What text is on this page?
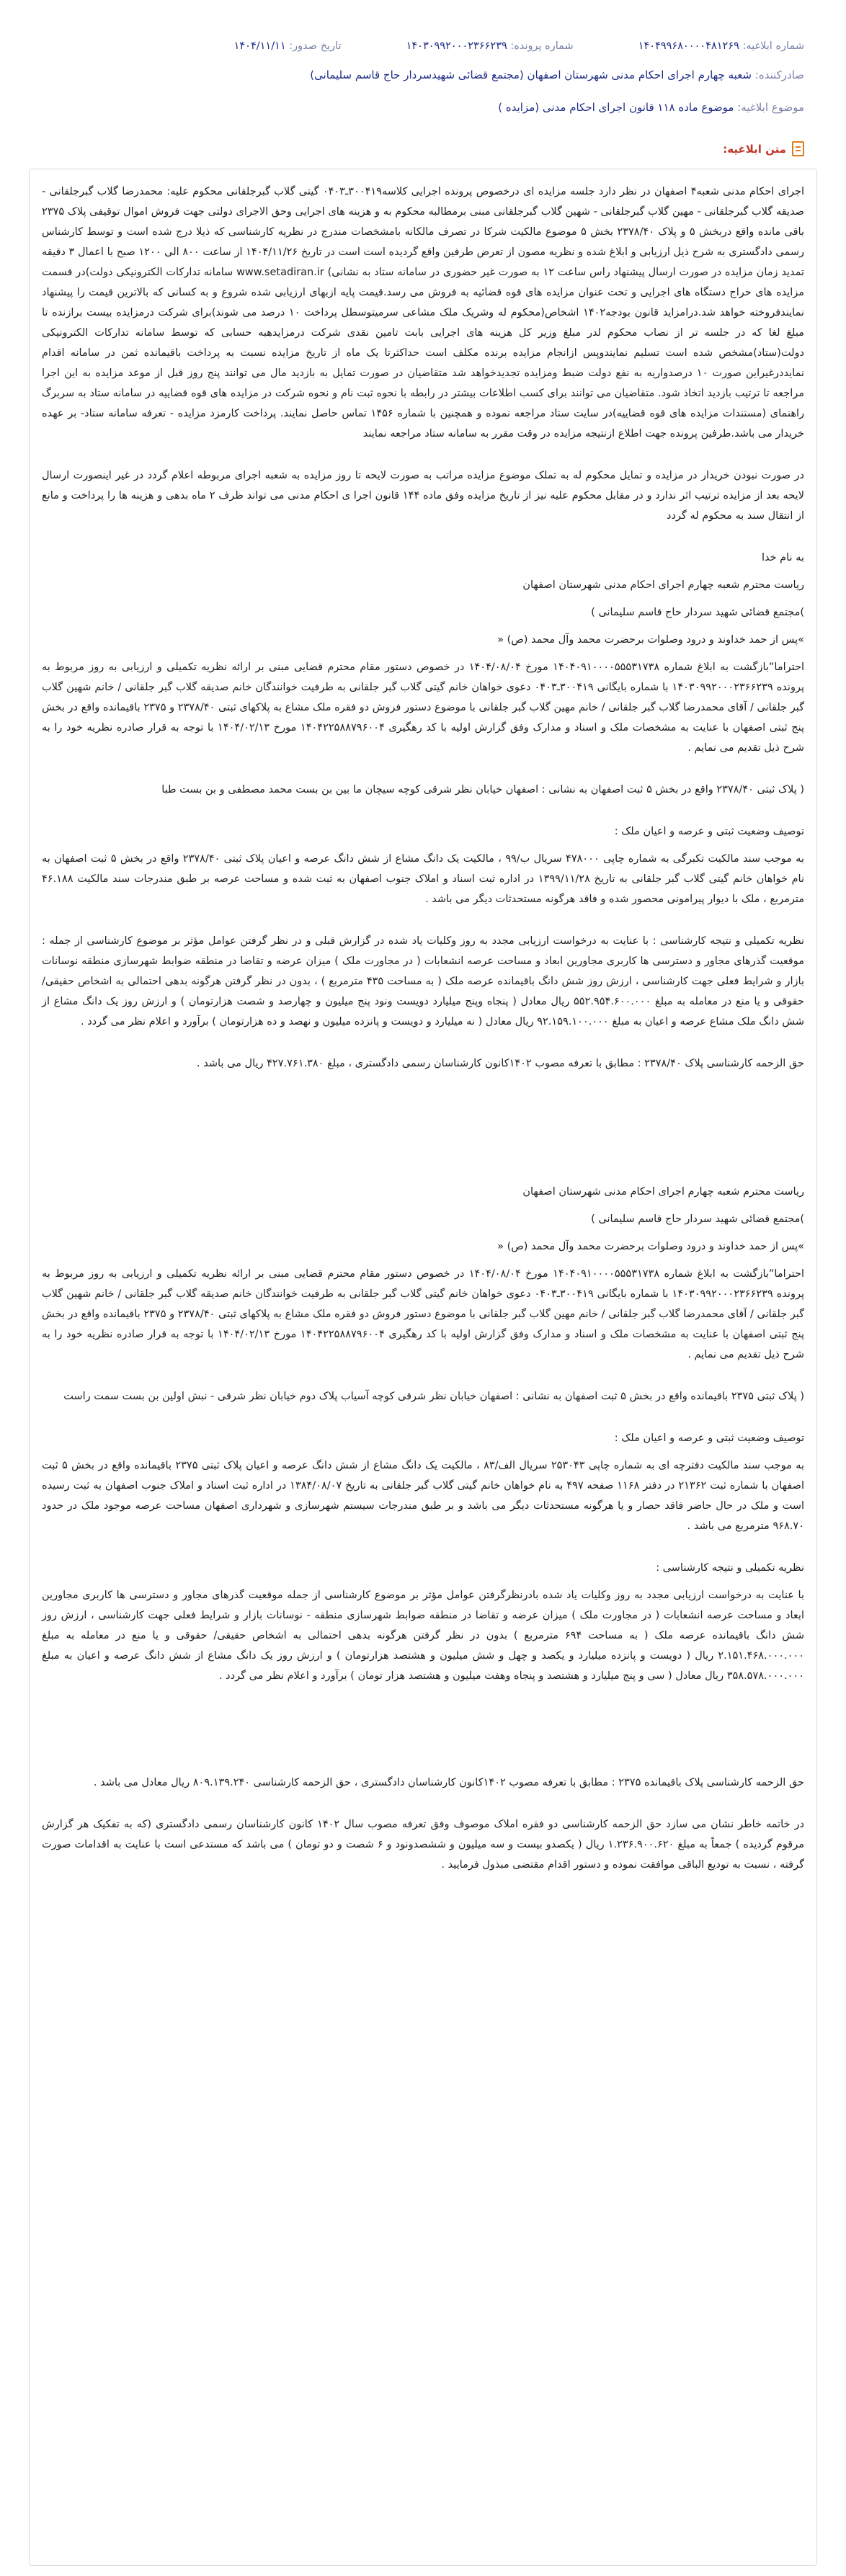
شماره ابلاغیه: ۱۴۰۴۹۹۶۸۰۰۰۰۴۸۱۲۶۹
شماره پرونده: ۱۴۰۳۰۹۹۲۰۰۰۲۳۶۶۲۳۹
تاریخ صدور: ۱۴۰۴/۱۱/۱۱
صادرکننده: شعبه چهارم اجرای احکام مدنی شهرستان اصفهان (مجتمع قضائی شهیدسردار حاج قاسم سلیمانی)
موضوع ابلاغیه: موضوع ماده ۱۱۸ قانون اجرای احکام مدنی (مزایده )
متن ابلاغیه:

اجرای احکام مدنی شعبه۴ اصفهان در نظر دارد جلسه مزایده ای درخصوص پرونده اجرایی کلاسه۳۰۰۴۱۹ـ۰۴۰۳ گیتی گلاب گبرجلقانی محکوم علیه: محمدرضا گلاب گبرجلقانی - صدیقه گلاب گبرجلقانی - مهین گلاب گبرجلقانی - شهین گلاب گبرجلقانی مبنی برمطالبه محکوم به و هزینه های اجرایی وحق الاجرای دولتی جهت فروش اموال توقیفی پلاک ۲۳۷۵ باقی مانده واقع دربخش ۵ و پلاک ۲۳۷۸/۴۰ بخش ۵ موضوع مالکیت شرکا در تصرف مالکانه بامشخصات مندرج در نظریه کارشناسی که ذیلا درج شده است و توسط کارشناس رسمی دادگستری به شرح ذیل ارزیابی و ابلاغ شده و نظریه مصون از تعرض طرفین واقع گردیده است است در تاریخ ۱۴۰۴/۱۱/۲۶ از ساعت ۸۰۰ الی ۱۲۰۰ صبح با اعمال ۳ دقیقه تمدید زمان مزایده در صورت ارسال پیشنهاد راس ساعت ۱۲ به صورت غیر حضوری در سامانه ستاد به نشانی) www.setadiran.ir سامانه تدارکات الکترونیکی دولت)در قسمت مزایده های حراج دستگاه های اجرایی و تحت عنوان مزایده های قوه قضائیه به فروش می رسد.قیمت پایه ازبهای ارزیابی شده شروع و به کسانی که بالاترین قیمت را پیشنهاد نمایندفروخته خواهد شد.درامزاید قانون بودجه۱۴۰۲ اشخاص(محکوم له وشریک ملک مشاعی سرمیتوسطل پرداخت ۱۰ درصد می شوند)برای شرکت درمزایده بیست برازنده تا مبلغ لغا که در جلسه تر از نصاب محکوم لدر مبلغ وزیر کل هزینه های اجرایی بابت تامین نقدی شرکت درمزایدهبه حسابی که توسط سامانه تدارکات الکترونیکی دولت(ستاد)مشخص شده است تسلیم نمایندوپس ازانجام مزایده برنده مکلف است حداکثرتا یک ماه از تاریخ مزایده نسبت به پرداخت باقیمانده ثمن در سامانه اقدام نمایددرغیراین صورت ۱۰ درصدواریه به نفع دولت ضبط ومزایده تجدیدخواهد شد متقاضیان در صورت تمایل به بازدید مال می توانند پنج روز قبل از موعد مزایده به این اجرا مراجعه تا ترتیب بازدید اتخاذ شود. متقاضیان می توانند برای کسب اطلاعات بیشتر در رابطه با نحوه ثبت نام و نحوه شرکت در مزایده های قوه قضاییه در سامانه ستاد به سربرگ راهنمای (مستندات مزایده های قوه قضاییه)در سایت ستاد مراجعه نموده و همچنین با شماره ۱۴۵۶ تماس حاصل نمایند. پرداخت کارمزد مزایده - تعرفه سامانه ستاد- بر عهده خریدار می باشد.طرفین پرونده جهت اطلاع ازنتیجه مزایده در وقت مقرر به سامانه ستاد مراجعه نمایند

در صورت نبودن خریدار در مزایده و تمایل محکوم له به تملک موضوع مزایده مراتب به صورت لایحه تا روز مزایده به شعبه اجرای مربوطه اعلام گردد در غیر اینصورت ارسال لایحه بعد از مزایده ترتیب اثر ندارد و در مقابل محکوم علیه نیز از تاریخ مزایده وفق ماده ۱۴۴ قانون اجرا ی احکام مدنی می تواند ظرف ۲ ماه بدهی و هزینه ها را پرداخت و مانع از انتقال سند به محکوم له گردد

به نام خدا

ریاست محترم شعبه چهارم اجرای احکام مدنی شهرستان اصفهان

)مجتمع قضائی شهید سردار حاج قاسم سلیمانی )

»پس از حمد خداوند و درود وصلوات برحضرت محمد وآل محمد (ص) «

احتراما”بازگشت به ابلاغ شماره ۱۴۰۴۰۹۱۰۰۰۰۵۵۵۳۱۷۳۸ مورخ ۱۴۰۴/۰۸/۰۴ در خصوص دستور مقام محترم قضایی مبنی بر ارائه نظریه تکمیلی و ارزیابی به روز مربوط به پرونده ۱۴۰۳۰۹۹۲۰۰۰۲۳۶۶۲۳۹ با شماره بایگانی ۳۰۰۴۱۹ـ۰۴۰۳ دعوی خواهان خانم گیتی گلاب گبر جلقانی به طرفیت خوانندگان خانم صدیقه گلاب گبر جلقانی / خانم شهین گلاب گبر جلقانی / آقای محمدرضا گلاب گبر جلقانی / خانم مهین گلاب گبر جلقانی با موضوع دستور فروش دو فقره ملک مشاع به پلاکهای ثبتی ۲۳۷۸/۴۰ و ۲۳۷۵ باقیمانده واقع در بخش پنج ثبتی اصفهان با عنایت به مشخصات ملک و اسناد و مدارک وفق گزارش اولیه با کد رهگیری ۱۴۰۴۲۲۵۸۸۷۹۶۰۰۴ مورخ ۱۴۰۴/۰۲/۱۳ با توجه به قرار صادره نظریه خود را به شرح ذیل تقدیم می نمایم .

( پلاک ثبتی ۲۳۷۸/۴۰ واقع در بخش ۵ ثبت اصفهان به نشانی : اصفهان خیابان نظر شرقی کوچه سیچان ما بین بن بست محمد مصطفی و بن بست طبا

توصیف وضعیت ثبتی و عرصه و اعیان ملک :

به موجب سند مالکیت تکبرگی به شماره چاپی ۴۷۸۰۰۰ سریال ب/۹۹ ، مالکیت یک دانگ مشاع از شش دانگ عرصه و اعیان پلاک ثبتی ۲۳۷۸/۴۰ واقع در بخش ۵ ثبت اصفهان به نام خواهان خانم گیتی گلاب گبر جلقانی به تاریخ ۱۳۹۹/۱۱/۲۸ در اداره ثبت اسناد و املاک جنوب اصفهان به ثبت شده و مساحت عرصه بر طبق مندرجات سند مالکیت ۴۶.۱۸۸ مترمربع ، ملک با دیوار پیرامونی محصور شده و فاقد هرگونه مستحدثات دیگر می باشد .

نظریه تکمیلی و نتیجه کارشناسی : با عنایت به درخواست ارزیابی مجدد به روز وکلیات یاد شده در گزارش قبلی و در نظر گرفتن عوامل مؤثر بر موضوع کارشناسی از جمله : موقعیت گذرهای مجاور و دسترسی ها کاربری مجاورین ابعاد و مساحت عرصه انشعابات ( در مجاورت ملک ) میزان عرضه و تقاضا در منطقه ضوابط شهرسازی منطقه نوسانات بازار و شرایط فعلی جهت کارشناسی ، ارزش روز شش دانگ باقیمانده عرصه ملک ( به مساحت ۴۳۵ مترمربع ) ، بدون در نظر گرفتن هرگونه بدهی احتمالی به اشخاص حقیقی/ حقوقی و یا منع در معامله به مبلغ ۵۵۲.۹۵۴.۶۰۰.۰۰۰ ریال معادل ( پنجاه وپنج میلیارد دویست ونود پنج میلیون و چهارصد و شصت هزارتومان ) و ارزش روز یک دانگ مشاع از شش دانگ ملک مشاع عرصه و اعیان به مبلغ ۹۲.۱۵۹.۱۰۰.۰۰۰ ریال معادل ( نه میلیارد و دویست و پانزده میلیون و نهصد و ده هزارتومان ) برآورد و اعلام نظر می گردد .

حق الزحمه کارشناسی پلاک ۲۳۷۸/۴۰ : مطابق با تعرفه مصوب ۱۴۰۲کانون کارشناسان رسمی دادگستری ، مبلغ ۴۲۷.۷۶۱.۳۸۰ ریال می باشد .

ریاست محترم شعبه چهارم اجرای احکام مدنی شهرستان اصفهان

)مجتمع قضائی شهید سردار حاج قاسم سلیمانی )

»پس از حمد خداوند و درود وصلوات برحضرت محمد وآل محمد (ص) «

احتراما”بازگشت به ابلاغ شماره ۱۴۰۴۰۹۱۰۰۰۰۵۵۵۳۱۷۳۸ مورخ ۱۴۰۴/۰۸/۰۴ در خصوص دستور مقام محترم قضایی مبنی بر ارائه نظریه تکمیلی و ارزیابی به روز مربوط به پرونده ۱۴۰۳۰۹۹۲۰۰۰۲۳۶۶۲۳۹ با شماره بایگانی ۳۰۰۴۱۹ـ۰۴۰۳ دعوی خواهان خانم گیتی گلاب گبر جلقانی به طرفیت خوانندگان خانم صدیقه گلاب گبر جلقانی / خانم شهین گلاب گبر جلقانی / آقای محمدرضا گلاب گبر جلقانی / خانم مهین گلاب گبر جلقانی با موضوع دستور فروش دو فقره ملک مشاع به پلاکهای ثبتی ۲۳۷۸/۴۰ و ۲۳۷۵ باقیمانده واقع در بخش پنج ثبتی اصفهان با عنایت به مشخصات ملک و اسناد و مدارک وفق گزارش اولیه با کد رهگیری ۱۴۰۴۲۲۵۸۸۷۹۶۰۰۴ مورخ ۱۴۰۴/۰۲/۱۳ با توجه به قرار صادره نظریه خود را به شرح ذیل تقدیم می نمایم .

( پلاک ثبتی ۲۳۷۵ باقیمانده واقع در بخش ۵ ثبت اصفهان به نشانی : اصفهان خیابان نظر شرقی کوچه آسیاب پلاک دوم خیابان نظر شرقی - نبش اولین بن بست سمت راست

توصیف وضعیت ثبتی و عرصه و اعیان ملک :

به موجب سند مالکیت دفترچه ای به شماره چاپی ۲۵۳۰۴۳ سریال الف/۸۳ ، مالکیت یک دانگ مشاع از شش دانگ عرصه و اعیان پلاک ثبتی ۲۳۷۵ باقیمانده واقع در بخش ۵ ثبت اصفهان با شماره ثبت ۲۱۳۶۲ در دفتر ۱۱۶۸ صفحه ۴۹۷ به نام خواهان خانم گیتی گلاب گبر جلقانی به تاریخ ۱۳۸۴/۰۸/۰۷ در اداره ثبت اسناد و املاک جنوب اصفهان به ثبت رسیده است و ملک در حال حاضر فاقد حصار و یا هرگونه مستحدثات دیگر می باشد و بر طبق مندرجات سیستم شهرسازی و شهرداری اصفهان مساحت عرصه موجود ملک در حدود ۹۶۸.۷۰ مترمربع می باشد .

نظریه تکمیلی و نتیجه کارشناسی :

با عنایت به درخواست ارزیابی مجدد به روز وکلیات یاد شده بادرنظرگرفتن عوامل مؤثر بر موضوع کارشناسی از جمله موقعیت گذرهای مجاور و دسترسی ها کاربری مجاورین ابعاد و مساحت عرصه انشعابات ( در مجاورت ملک ) میزان عرضه و تقاضا در منطقه ضوابط شهرسازی منطقه - نوسانات بازار و شرایط فعلی جهت کارشناسی ، ارزش روز شش دانگ باقیمانده عرصه ملک ( به مساحت ۶۹۴ مترمربع ) بدون در نظر گرفتن هرگونه بدهی احتمالی به اشخاص حقیقی/ حقوقی و یا منع در معامله به مبلغ ۲.۱۵۱.۴۶۸.۰۰۰.۰۰۰ ریال ( دویست و پانزده میلیارد و یکصد و چهل و شش میلیون و هشتصد هزارتومان ) و ارزش روز یک دانگ مشاع از شش دانگ عرصه و اعیان به مبلغ ۳۵۸.۵۷۸.۰۰۰.۰۰۰ ریال معادل ( سی و پنج میلیارد و هشتصد و پنجاه وهفت میلیون و هشتصد هزار تومان ) برآورد و اعلام نظر می گردد .

حق الزحمه کارشناسی پلاک باقیمانده ۲۳۷۵ : مطابق با تعرفه مصوب ۱۴۰۲کانون کارشناسان دادگستری ، حق الزحمه کارشناسی ۸۰۹.۱۳۹.۲۴۰ ریال معادل می باشد .

در خاتمه خاطر نشان می سازد حق الزحمه کارشناسی دو فقره املاک موصوف وفق تعرفه مصوب سال ۱۴۰۲ کانون کارشناسان رسمی دادگستری (که به تفکیک هر گزارش مرقوم گردیده ) جمعاً به مبلغ ۱.۲۳۶.۹۰۰.۶۲۰ ریال ( یکصدو بیست و سه میلیون و ششصدونود و ۶ شصت و دو تومان ) می باشد که مستدعی است با عنایت به اقدامات صورت گرفته ، نسبت به تودیع الباقی موافقت نموده و دستور اقدام مقتضی مبذول فرمایید .
